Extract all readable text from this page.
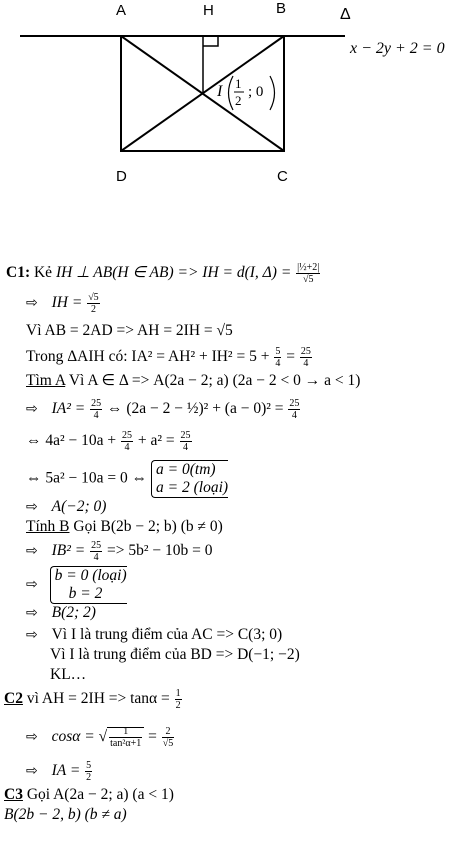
A	H	B	Δ
D	C
I 1
2
; 0
x − 2y + 2 = 0
C1: Kẻ IH ⊥ AB(H ∈ AB) => IH = d(I, $\Delta) = \frac{\text{|½+2|}}{√5}$
⇨ IH = $\frac{√5}{2}$
Vì AB = 2AD => AH = 2IH = √5
Trong ΔAIH có: $IA^2 = AH^2 + IH^2 = 5 + \frac{5}{4} = \frac{25}{4}$
Tìm A Vì A ∈ Δ => A(2a − 2; a) (2a − 2 < 0 → a < 1)
⇨ $IA^2 = \frac{25}{4}$ ⇔ (2a − 2 − ½)² + $(a - 0)^2 = \frac{25}{4}$
⇔ $4a^2 - 10a + \frac{25}{4} + a^2 = \frac{25}{4}$
⇔ 5a² − 10a = 0 ⇔ a = 0(tm)
a = 2 (loại)
⇨ A(−2; 0)
Tính B Gọi B(2b − 2; b) (b ≠ 0)
⇨ $IB^2 = \frac{25}{4} => 5b^2 - 10b = 0$
⇨ b = 0 (loại)
b = 2
⇨ B(2; 2)
⇨ Vì I là trung điểm của AC => C(3; 0)
Vì I là trung điểm của BD => D(−1; −2)
KL…
C2 vì AH = $2IH => \tan\alpha = \frac{1}{2}$
⇨ cosα = √ $\frac{1}{\text{tan²α+1}} = \frac{2}{√5}$
⇨ IA = $\frac{5}{2}$
C3 Gọi A(2a − 2; a) (a < 1)
B(2b − 2, b) (b ≠ a)
